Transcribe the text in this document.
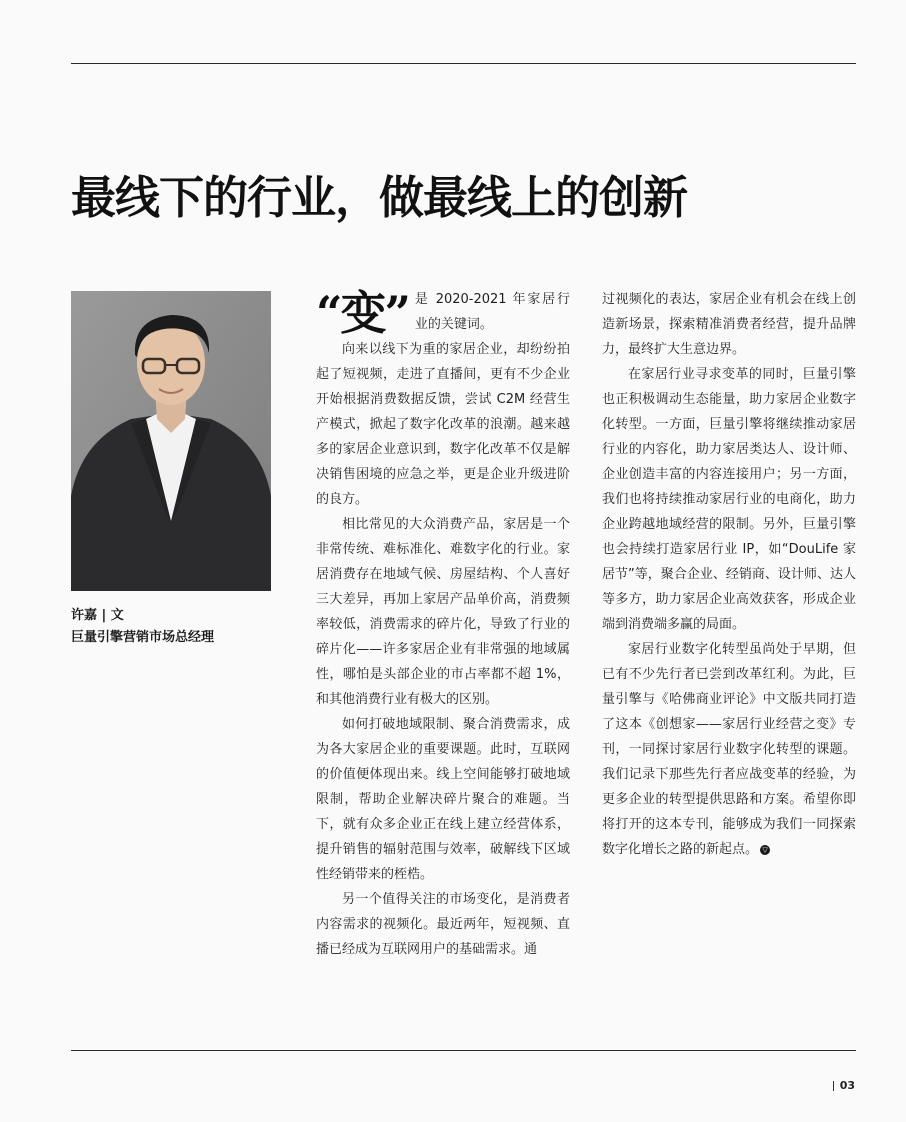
最线下的行业，做最线上的创新
许嘉 | 文
巨量引擎营销市场总经理

“变” 是 2020-2021 年家居行业的关键词。

向来以线下为重的家居企业，却纷纷拍起了短视频，走进了直播间，更有不少企业开始根据消费数据反馈，尝试 C2M 经营生产模式，掀起了数字化改革的浪潮。越来越多的家居企业意识到，数字化改革不仅是解决销售困境的应急之举，更是企业升级进阶的良方。

相比常见的大众消费产品，家居是一个非常传统、难标准化、难数字化的行业。家居消费存在地域气候、房屋结构、个人喜好三大差异，再加上家居产品单价高，消费频率较低，消费需求的碎片化，导致了行业的碎片化——许多家居企业有非常强的地域属性，哪怕是头部企业的市占率都不超 1%，和其他消费行业有极大的区别。

如何打破地域限制、聚合消费需求，成为各大家居企业的重要课题。此时，互联网的价值便体现出来。线上空间能够打破地域限制，帮助企业解决碎片聚合的难题。当下，就有众多企业正在线上建立经营体系，提升销售的辐射范围与效率，破解线下区域性经销带来的桎梏。

另一个值得关注的市场变化，是消费者内容需求的视频化。最近两年，短视频、直播已经成为互联网用户的基础需求。通

过视频化的表达，家居企业有机会在线上创造新场景，探索精准消费者经营，提升品牌力，最终扩大生意边界。

在家居行业寻求变革的同时，巨量引擎也正积极调动生态能量，助力家居企业数字化转型。一方面，巨量引擎将继续推动家居行业的内容化，助力家居类达人、设计师、企业创造丰富的内容连接用户；另一方面，我们也将持续推动家居行业的电商化，助力企业跨越地域经营的限制。另外，巨量引擎也会持续打造家居行业 IP，如“DouLife 家居节”等，聚合企业、经销商、设计师、达人等多方，助力家居企业高效获客，形成企业端到消费端多赢的局面。

家居行业数字化转型虽尚处于早期，但已有不少先行者已尝到改革红利。为此，巨量引擎与《哈佛商业评论》中文版共同打造了这本《创想家——家居行业经营之变》专刊，一同探讨家居行业数字化转型的课题。我们记录下那些先行者应战变革的经验，为更多企业的转型提供思路和方案。希望你即将打开的这本专刊，能够成为我们一同探索数字化增长之路的新起点。 ▽

03
